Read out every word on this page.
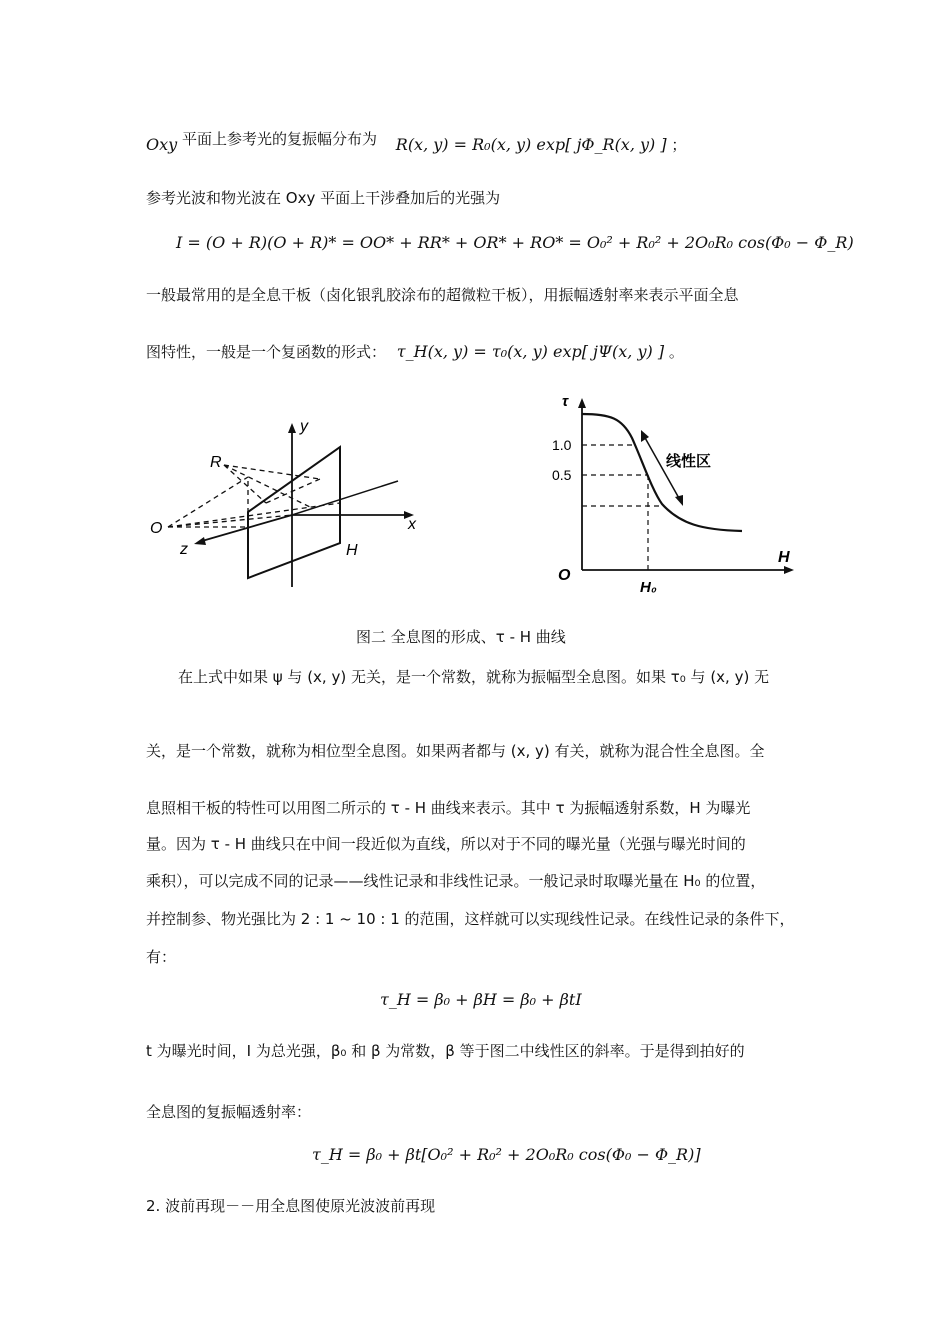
Oxy 平面上参考光的复振幅分布为 R(x, y) = R₀(x, y) exp[ jΦ_R(x, y) ] ；
参考光波和物光波在 Oxy 平面上干涉叠加后的光强为
I = (O + R)(O + R)* = OO* + RR* + OR* + RO* = O₀² + R₀² + 2O₀R₀ cos(Φ₀ − Φ_R)
一般最常用的是全息干板（卤化银乳胶涂布的超微粒干板），用振幅透射率来表示平面全息
图特性，一般是一个复函数的形式： τ_H(x, y) = τ₀(x, y) exp[ jΨ(x, y) ] 。
y
x
z
R
O
H
τ
H
O
1.0
0.5
H₀
线性区
图二 全息图的形成、τ - H 曲线
在上式中如果 ψ 与 (x, y) 无关，是一个常数，就称为振幅型全息图。如果 τ₀ 与 (x, y) 无
关，是一个常数，就称为相位型全息图。如果两者都与 (x, y) 有关，就称为混合性全息图。全
息照相干板的特性可以用图二所示的 τ - H 曲线来表示。其中 τ 为振幅透射系数，H 为曝光
量。因为 τ - H 曲线只在中间一段近似为直线，所以对于不同的曝光量（光强与曝光时间的
乘积），可以完成不同的记录——线性记录和非线性记录。一般记录时取曝光量在 H₀ 的位置，
并控制参、物光强比为 2 : 1 ~ 10 : 1 的范围，这样就可以实现线性记录。在线性记录的条件下，
有：
τ_H = β₀ + βH = β₀ + βtI
t 为曝光时间，I 为总光强，β₀ 和 β 为常数，β 等于图二中线性区的斜率。于是得到拍好的
全息图的复振幅透射率：
τ_H = β₀ + βt[O₀² + R₀² + 2O₀R₀ cos(Φ₀ − Φ_R)]
2. 波前再现－－用全息图使原光波波前再现
